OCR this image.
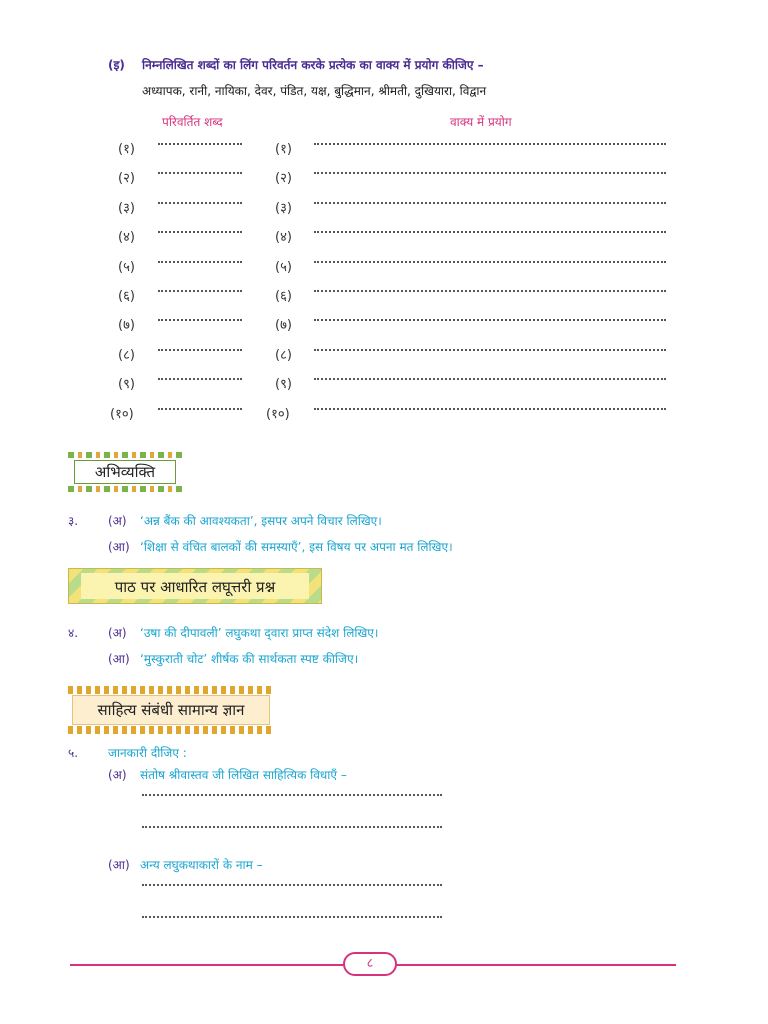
(इ) निम्नलिखित शब्दों का लिंग परिवर्तन करके प्रत्येक का वाक्य में प्रयोग कीजिए –
अध्यापक, रानी, नायिका, देवर, पंडित, यक्ष, बुद्धिमान, श्रीमती, दुखियारा, विद्वान
परिवर्तित शब्द	वाक्य में प्रयोग
(१)	(१)
(२)	(२)
(३)	(३)
(४)	(४)
(५)	(५)
(६)	(६)
(७)	(७)
(८)	(८)
(९)	(९)
(१०)	(१०)
अभिव्यक्ति
३. (अ) ‘अन्न बैंक की आवश्यकता’, इसपर अपने विचार लिखिए।
(आ) ‘शिक्षा से वंचित बालकों की समस्याएँ’, इस विषय पर अपना मत लिखिए।
पाठ पर आधारित लघूत्तरी प्रश्न
४. (अ) ‘उषा की दीपावली’ लघुकथा द्‌वारा प्राप्त संदेश लिखिए।
(आ) ‘मुस्कुराती चोट’ शीर्षक की सार्थकता स्पष्ट कीजिए।
साहित्य संबंधी सामान्य ज्ञान
५. जानकारी दीजिए :
(अ) संतोष श्रीवास्तव जी लिखित साहित्यिक विधाएँ –
(आ) अन्य लघुकथाकारों के नाम –
८
